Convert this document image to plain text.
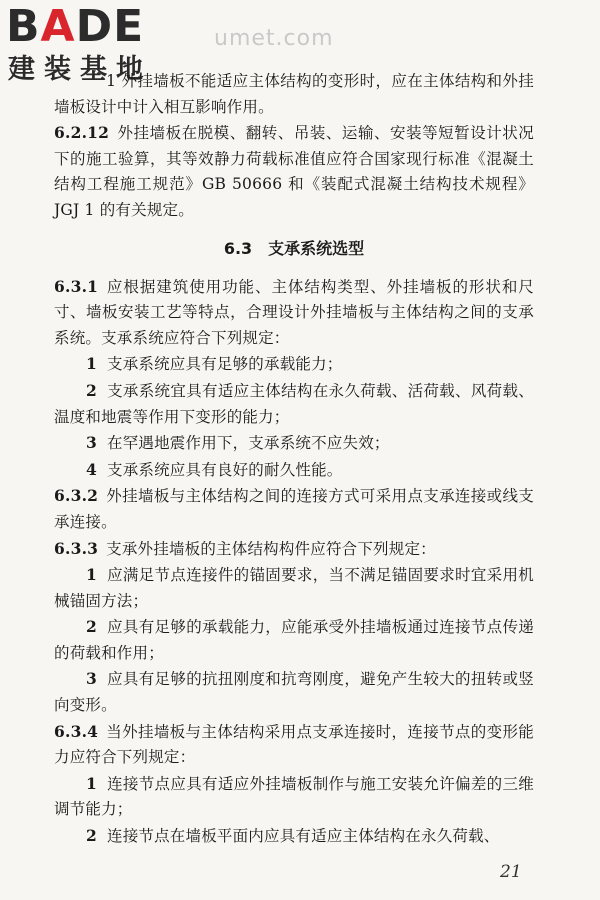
BADE
建装基地
umet.com

1 外挂墙板不能适应主体结构的变形时，应在主体结构和外挂墙板设计中计入相互影响作用。

6.2.12 外挂墙板在脱模、翻转、吊装、运输、安装等短暂设计状况下的施工验算，其等效静力荷载标准值应符合国家现行标准《混凝土结构工程施工规范》GB 50666 和《装配式混凝土结构技术规程》JGJ 1 的有关规定。

6.3　支承系统选型

6.3.1 应根据建筑使用功能、主体结构类型、外挂墙板的形状和尺寸、墙板安装工艺等特点，合理设计外挂墙板与主体结构之间的支承系统。支承系统应符合下列规定：

1 支承系统应具有足够的承载能力；

2 支承系统宜具有适应主体结构在永久荷载、活荷载、风荷载、温度和地震等作用下变形的能力；

3 在罕遇地震作用下，支承系统不应失效；

4 支承系统应具有良好的耐久性能。

6.3.2 外挂墙板与主体结构之间的连接方式可采用点支承连接或线支承连接。

6.3.3 支承外挂墙板的主体结构构件应符合下列规定：

1 应满足节点连接件的锚固要求，当不满足锚固要求时宜采用机械锚固方法；

2 应具有足够的承载能力，应能承受外挂墙板通过连接节点传递的荷载和作用；

3 应具有足够的抗扭刚度和抗弯刚度，避免产生较大的扭转或竖向变形。

6.3.4 当外挂墙板与主体结构采用点支承连接时，连接节点的变形能力应符合下列规定：

1 连接节点应具有适应外挂墙板制作与施工安装允许偏差的三维调节能力；

2 连接节点在墙板平面内应具有适应主体结构在永久荷载、

21
